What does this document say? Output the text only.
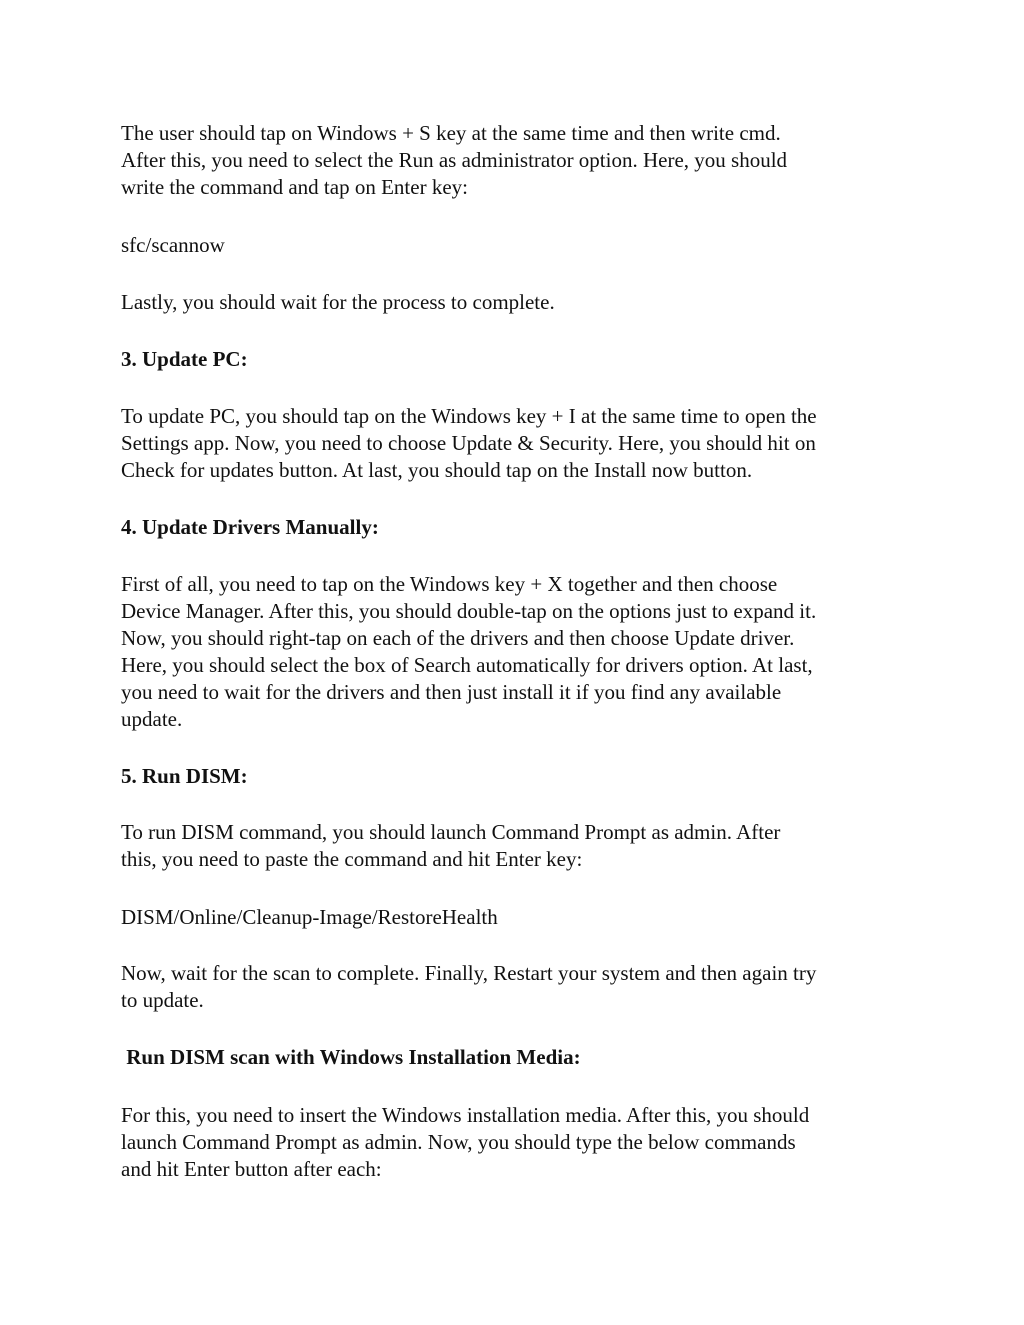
The user should tap on Windows + S key at the same time and then write cmd.
After this, you need to select the Run as administrator option. Here, you should
write the command and tap on Enter key:

sfc/scannow

Lastly, you should wait for the process to complete.

3. Update PC:

To update PC, you should tap on the Windows key + I at the same time to open the
Settings app. Now, you need to choose Update & Security. Here, you should hit on
Check for updates button. At last, you should tap on the Install now button.

4. Update Drivers Manually:

First of all, you need to tap on the Windows key + X together and then choose
Device Manager. After this, you should double-tap on the options just to expand it.
Now, you should right-tap on each of the drivers and then choose Update driver.
Here, you should select the box of Search automatically for drivers option. At last,
you need to wait for the drivers and then just install it if you find any available
update.

5. Run DISM:

To run DISM command, you should launch Command Prompt as admin. After
this, you need to paste the command and hit Enter key:

DISM/Online/Cleanup-Image/RestoreHealth

Now, wait for the scan to complete. Finally, Restart your system and then again try
to update.

Run DISM scan with Windows Installation Media:

For this, you need to insert the Windows installation media. After this, you should
launch Command Prompt as admin. Now, you should type the below commands
and hit Enter button after each:
